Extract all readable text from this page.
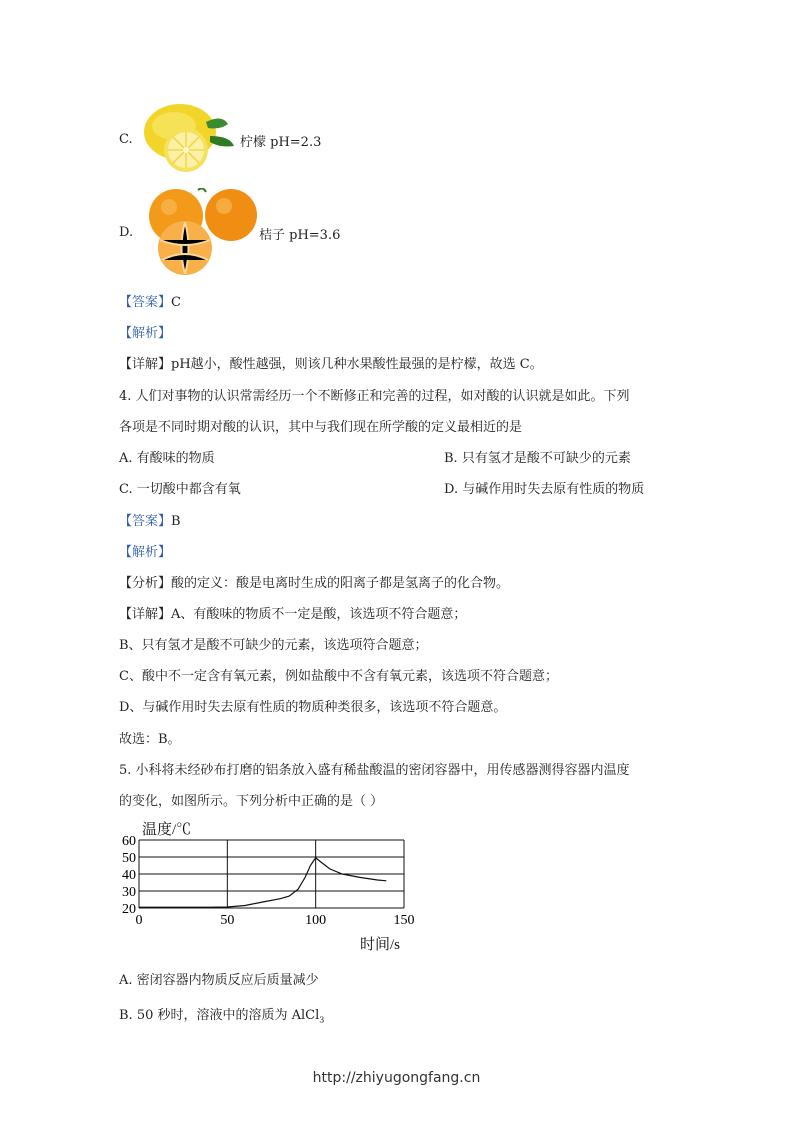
C.	柠檬 pH=2.3
D.	桔子 pH=3.6
【答案】C
【解析】
【详解】pH越小，酸性越强，则该几种水果酸性最强的是柠檬，故选 C。
4. 人们对事物的认识常需经历一个不断修正和完善的过程，如对酸的认识就是如此。下列
各项是不同时期对酸的认识，其中与我们现在所学酸的定义最相近的是
A. 有酸味的物质	B. 只有氢才是酸不可缺少的元素
C. 一切酸中都含有氧	D. 与碱作用时失去原有性质的物质
【答案】B
【解析】
【分析】酸的定义：酸是电离时生成的阳离子都是氢离子的化合物。
【详解】A、有酸味的物质不一定是酸，该选项不符合题意；
B、只有氢才是酸不可缺少的元素，该选项符合题意；
C、酸中不一定含有氧元素，例如盐酸中不含有氧元素，该选项不符合题意；
D、与碱作用时失去原有性质的物质种类很多，该选项不符合题意。
故选：B。
5. 小科将未经砂布打磨的铝条放入盛有稀盐酸温的密闭容器中，用传感器测得容器内温度
的变化，如图所示。下列分析中正确的是（ ）
20
30
40
50
60
0	50	100	150
温度/℃
时间/s
A. 密闭容器内物质反应后质量减少
B. 50 秒时，溶液中的溶质为 AlCl$_3$
http://zhiyugongfang.cn
